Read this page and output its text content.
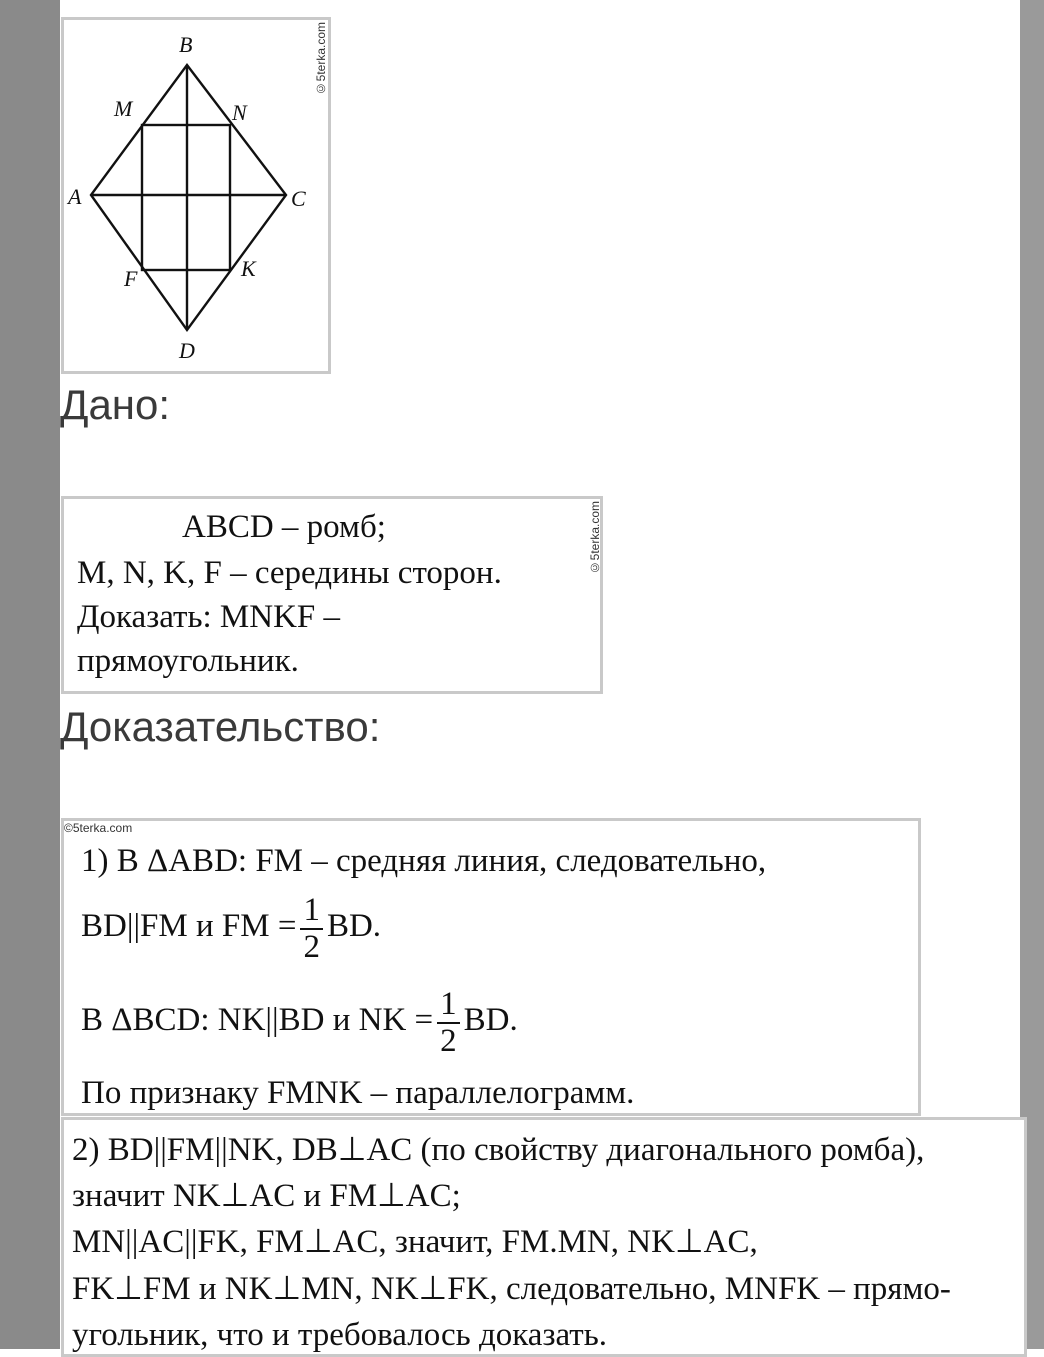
B
M	N
A	C
F	K
D
©5terka.com
Дано:
ABCD – ромб;
M, N, K, F – середины сторон.
Доказать: MNKF –
прямоугольник.
©5terka.com
Доказательство:
©5terka.com
1) В ΔABD: FM – средняя линия, следовательно,
BD||FM и FM = $\frac{1}{2}$ BD.
В ΔBCD: NK||BD и NK = $\frac{1}{2}$ BD.
По признаку FMNK – параллелограмм.
2) BD||FM||NK, DB⊥AC (по свойству диагонального ромба),
значит NK⊥AC и FM⊥AC;
MN||AC||FK, FM⊥AC, значит, FM.MN, NK⊥AC,
FK⊥FM и NK⊥MN, NK⊥FK, следовательно, MNFK – прямо-
угольник, что и требовалось доказать.
